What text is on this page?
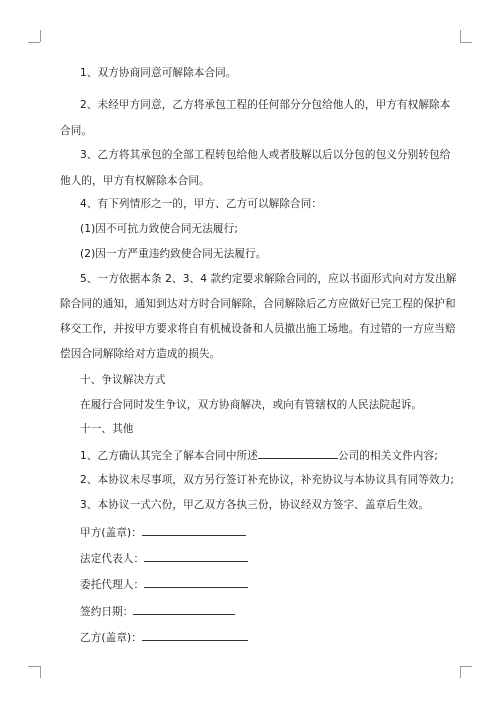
1、双方协商同意可解除本合同。
2、未经甲方同意，乙方将承包工程的任何部分分包给他人的，甲方有权解除本
合同。
3、乙方将其承包的全部工程转包给他人或者肢解以后以分包的包义分别转包给
他人的，甲方有权解除本合同。
4、有下列情形之一的，甲方、乙方可以解除合同：
(1)因不可抗力致使合同无法履行;
(2)因一方严重违约致使合同无法履行。
5、一方依据本条 2、3、4 款约定要求解除合同的，应以书面形式向对方发出解
除合同的通知，通知到达对方时合同解除，合同解除后乙方应做好已完工程的保护和
移交工作，并按甲方要求将自有机械设备和人员撤出施工场地。有过错的一方应当赔
偿因合同解除给对方造成的损失。
十、争议解决方式
在履行合同时发生争议，双方协商解决，或向有管辖权的人民法院起诉。
十一、其他
1、乙方确认其完全了解本合同中所述	公司的相关文件内容;
2、本协议未尽事项，双方另行签订补充协议，补充协议与本协议具有同等效力;
3、本协议一式六份，甲乙双方各执三份，协议经双方签字、盖章后生效。
甲方(盖章)：
法定代表人：
委托代理人：
签约日期：
乙方(盖章)：
